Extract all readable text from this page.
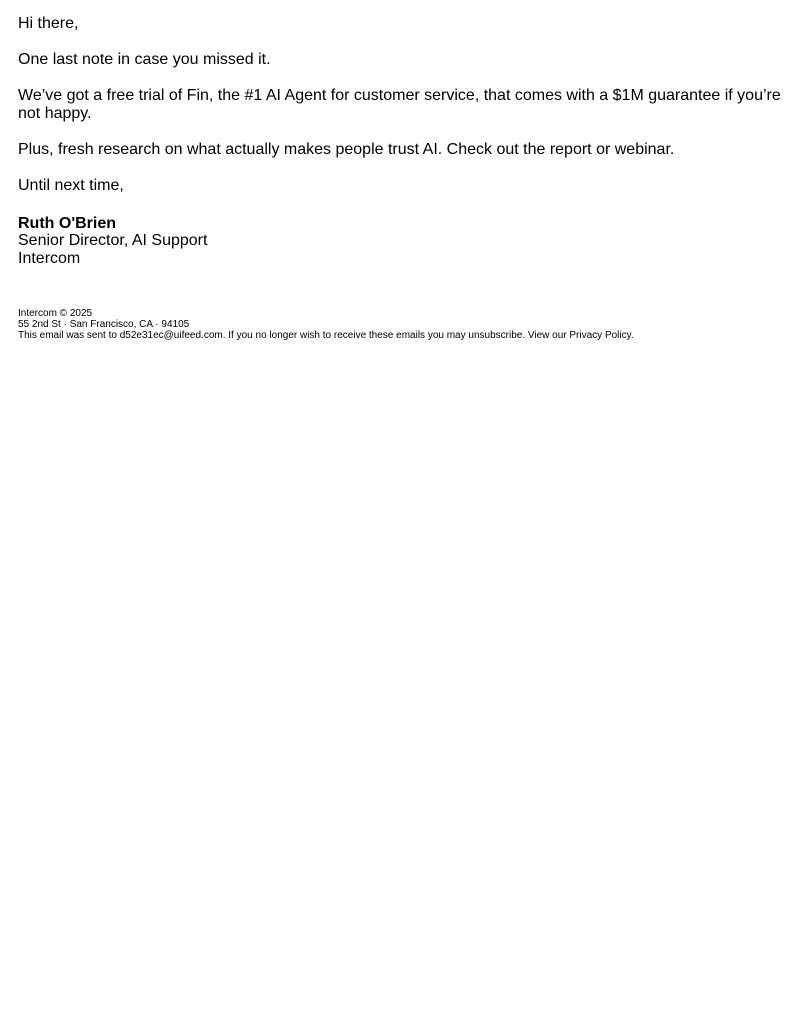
Hi there,

One last note in case you missed it.

We’ve got a free trial of Fin, the #1 AI Agent for customer service, that comes with a $1M guarantee if you’re not happy.

Plus, fresh research on what actually makes people trust AI. Check out the report or webinar.

Until next time,

Ruth O'Brien
Senior Director, AI Support
Intercom
Intercom © 2025
55 2nd St · San Francisco, CA · 94105
This email was sent to d52e31ec@uifeed.com. If you no longer wish to receive these emails you may unsubscribe. View our Privacy Policy.
